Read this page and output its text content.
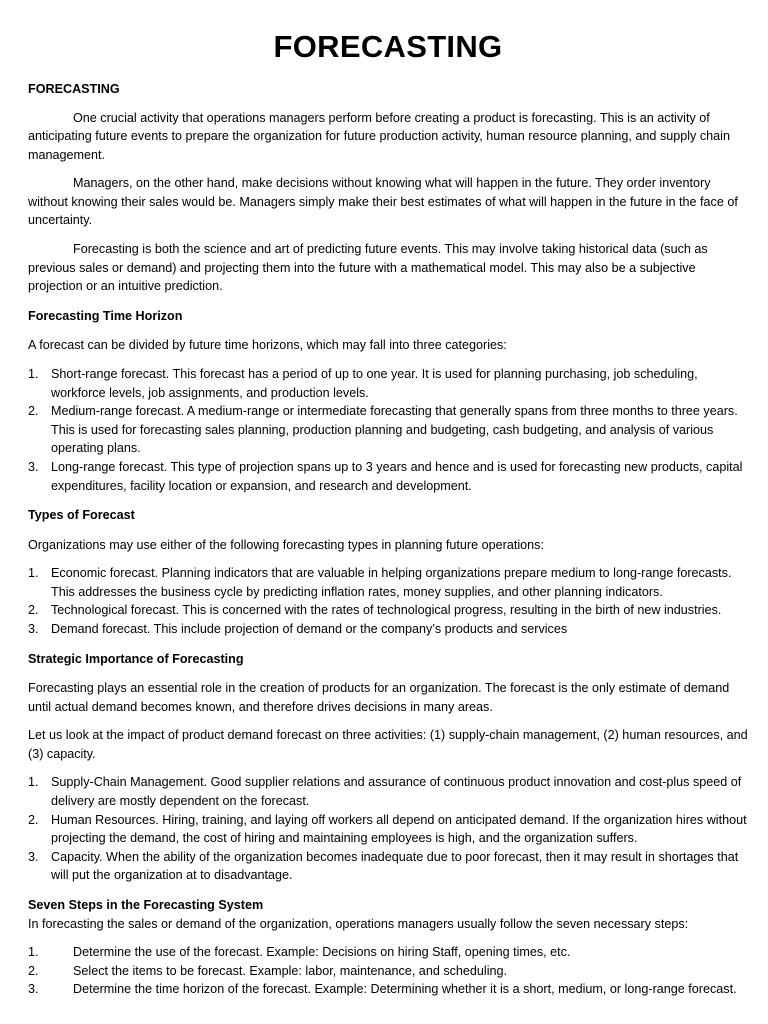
FORECASTING
FORECASTING

One crucial activity that operations managers perform before creating a product is forecasting. This is an activity of anticipating future events to prepare the organization for future production activity, human resource planning, and supply chain management.

Managers, on the other hand, make decisions without knowing what will happen in the future. They order inventory without knowing their sales would be. Managers simply make their best estimates of what will happen in the future in the face of uncertainty.

Forecasting is both the science and art of predicting future events. This may involve taking historical data (such as previous sales or demand) and projecting them into the future with a mathematical model. This may also be a subjective projection or an intuitive prediction.

Forecasting Time Horizon

A forecast can be divided by future time horizons, which may fall into three categories:

1. Short-range forecast. This forecast has a period of up to one year. It is used for planning purchasing, job scheduling, workforce levels, job assignments, and production levels.
2. Medium-range forecast. A medium-range or intermediate forecasting that generally spans from three months to three years. This is used for forecasting sales planning, production planning and budgeting, cash budgeting, and analysis of various operating plans.
3. Long-range forecast. This type of projection spans up to 3 years and hence and is used for forecasting new products, capital expenditures, facility location or expansion, and research and development.
Types of Forecast

Organizations may use either of the following forecasting types in planning future operations:

1. Economic forecast. Planning indicators that are valuable in helping organizations prepare medium to long-range forecasts. This addresses the business cycle by predicting inflation rates, money supplies, and other planning indicators.
2. Technological forecast. This is concerned with the rates of technological progress, resulting in the birth of new industries.
3. Demand forecast. This include projection of demand or the company’s products and services
Strategic Importance of Forecasting

Forecasting plays an essential role in the creation of products for an organization. The forecast is the only estimate of demand until actual demand becomes known, and therefore drives decisions in many areas.

Let us look at the impact of product demand forecast on three activities: (1) supply-chain management, (2) human resources, and (3) capacity.

1. Supply-Chain Management. Good supplier relations and assurance of continuous product innovation and cost-plus speed of delivery are mostly dependent on the forecast.
2. Human Resources. Hiring, training, and laying off workers all depend on anticipated demand. If the organization hires without projecting the demand, the cost of hiring and maintaining employees is high, and the organization suffers.
3. Capacity. When the ability of the organization becomes inadequate due to poor forecast, then it may result in shortages that will put the organization at to disadvantage.
Seven Steps in the Forecasting System

In forecasting the sales or demand of the organization, operations managers usually follow the seven necessary steps:

1.	Determine the use of the forecast. Example: Decisions on hiring Staff, opening times, etc.
2.	Select the items to be forecast. Example: labor, maintenance, and scheduling.
3.	Determine the time horizon of the forecast. Example: Determining whether it is a short, medium, or long-range forecast.
